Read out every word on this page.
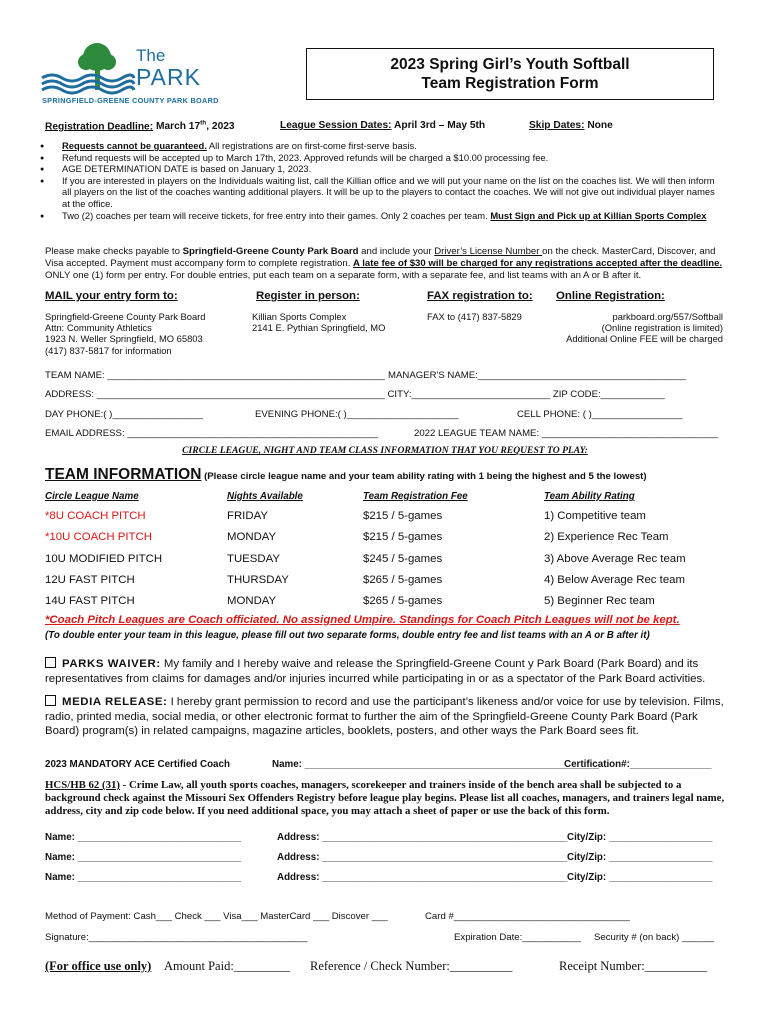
The
PARK
SPRINGFIELD-GREENE COUNTY PARK BOARD
2023 Spring Girl’s Youth Softball
Team Registration Form
Registration Deadline: March 17th, 2023	League Session Dates: April 3rd – May 5th	Skip Dates: None
● Requests cannot be guaranteed. All registrations are on first-come first-serve basis.
● Refund requests will be accepted up to March 17th, 2023. Approved refunds will be charged a $10.00 processing fee.
● AGE DETERMINATION DATE is based on January 1, 2023.
● If you are interested in players on the Individuals waiting list, call the Killian office and we will put your name on the list on the coaches list. We will then inform all players on the list of the coaches wanting additional players. It will be up to the players to contact the coaches. We will not give out individual player names at the office.
● Two (2) coaches per team will receive tickets, for free entry into their games. Only 2 coaches per team. Must Sign and Pick up at Killian Sports Complex
Please make checks payable to Springfield-Greene County Park Board and include your Driver’s License Number on the check. MasterCard, Discover, and Visa accepted. Payment must accompany form to complete registration. A late fee of $30 will be charged for any registrations accepted after the deadline. ONLY one (1) form per entry. For double entries, put each team on a separate form, with a separate fee, and list teams with an A or B after it.
MAIL your entry form to:
Springfield-Greene County Park Board
Attn: Community Athletics
1923 N. Weller Springfield, MO 65803
(417) 837-5817 for information
Register in person:
Killian Sports Complex
2141 E. Pythian Springfield, MO
FAX registration to:
FAX to (417) 837-5829
Online Registration:
parkboard.org/557/Softball
(Online registration is limited)
Additional Online FEE will be charged
TEAM NAME: ____________________________________________________ MANAGER'S NAME:_______________________________________
ADDRESS: ______________________________________________________ CITY:__________________________ ZIP CODE:____________
DAY PHONE:( )_________________	EVENING PHONE:( )_____________________	CELL PHONE: ( )_________________
EMAIL ADDRESS: _______________________________________________	2022 LEAGUE TEAM NAME: _________________________________
CIRCLE LEAGUE, NIGHT AND TEAM CLASS INFORMATION THAT YOU REQUEST TO PLAY:
TEAM INFORMATION (Please circle league name and your team ability rating with 1 being the highest and 5 the lowest)
Circle League Name	Nights Available	Team Registration Fee	Team Ability Rating
*8U COACH PITCH	FRIDAY	$215 / 5-games	1) Competitive team
*10U COACH PITCH	MONDAY	$215 / 5-games	2) Experience Rec Team
10U MODIFIED PITCH	TUESDAY	$245 / 5-games	3) Above Average Rec team
12U FAST PITCH	THURSDAY	$265 / 5-games	4) Below Average Rec team
14U FAST PITCH	MONDAY	$265 / 5-games	5) Beginner Rec team
*Coach Pitch Leagues are Coach officiated. No assigned Umpire. Standings for Coach Pitch Leagues will not be kept.
(To double enter your team in this league, please fill out two separate forms, double entry fee and list teams with an A or B after it)
PARKS WAIVER: My family and I hereby waive and release the Springfield-Greene Count y Park Board (Park Board) and its representatives from claims for damages and/or injuries incurred while participating in or as a spectator of the Park Board activities.
MEDIA RELEASE: I hereby grant permission to record and use the participant’s likeness and/or voice for use by television. Films, radio, printed media, social media, or other electronic format to further the aim of the Springfield-Greene County Park Board (Park Board) program(s) in related campaigns, magazine articles, booklets, posters, and other ways the Park Board sees fit.
2023 MANDATORY ACE Certified Coach	Name: ______________________________________________________
Certification#:_______________
HCS/HB 62 (31) - Crime Law, all youth sports coaches, managers, scorekeeper and trainers inside of the bench area shall be subjected to a background check against the Missouri Sex Offenders Registry before league play begins. Please list all coaches, managers, and trainers legal name, address, city and zip code below. If you need additional space, you may attach a sheet of paper or use the back of this form.
Name: ______________________________	Address: _____________________________________________ City/Zip: ___________________
Name: ______________________________	Address: _____________________________________________ City/Zip: ___________________
Name: ______________________________	Address: _____________________________________________ City/Zip: ___________________
Method of Payment: Cash___ Check ___ Visa___ MasterCard ___ Discover ___	Card #_________________________________
Signature:_________________________________________	Expiration Date:___________ Security # (on back) ______
(For office use only) Amount Paid:_________ Reference / Check Number:__________	Receipt Number:__________
